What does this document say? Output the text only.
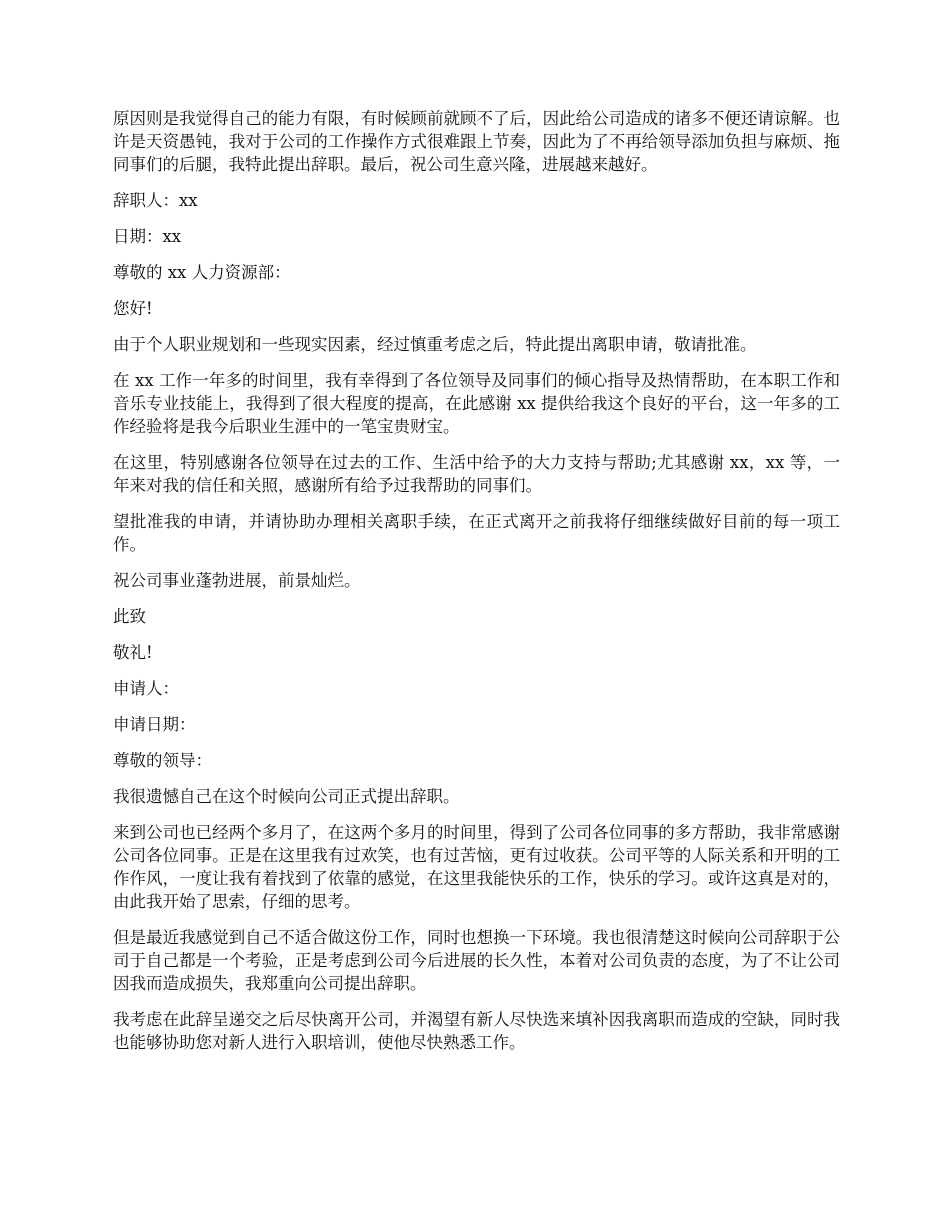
原因则是我觉得自己的能力有限，有时候顾前就顾不了后，因此给公司造成的诸多不便还请谅解。也许是天资愚钝，我对于公司的工作操作方式很难跟上节奏，因此为了不再给领导添加负担与麻烦、拖同事们的后腿，我特此提出辞职。最后，祝公司生意兴隆，进展越来越好。

辞职人：xx

日期：xx

尊敬的 xx 人力资源部：

您好!

由于个人职业规划和一些现实因素，经过慎重考虑之后，特此提出离职申请，敬请批准。

在 xx 工作一年多的时间里，我有幸得到了各位领导及同事们的倾心指导及热情帮助，在本职工作和音乐专业技能上，我得到了很大程度的提高，在此感谢 xx 提供给我这个良好的平台，这一年多的工作经验将是我今后职业生涯中的一笔宝贵财宝。

在这里，特别感谢各位领导在过去的工作、生活中给予的大力支持与帮助;尤其感谢 xx，xx 等，一年来对我的信任和关照，感谢所有给予过我帮助的同事们。

望批准我的申请，并请协助办理相关离职手续，在正式离开之前我将仔细继续做好目前的每一项工作。

祝公司事业蓬勃进展，前景灿烂。

此致

敬礼!

申请人：

申请日期：

尊敬的领导：

我很遗憾自己在这个时候向公司正式提出辞职。

来到公司也已经两个多月了，在这两个多月的时间里，得到了公司各位同事的多方帮助，我非常感谢公司各位同事。正是在这里我有过欢笑，也有过苦恼，更有过收获。公司平等的人际关系和开明的工作作风，一度让我有着找到了依靠的感觉，在这里我能快乐的工作，快乐的学习。或许这真是对的，由此我开始了思索，仔细的思考。

但是最近我感觉到自己不适合做这份工作，同时也想换一下环境。我也很清楚这时候向公司辞职于公司于自己都是一个考验，正是考虑到公司今后进展的长久性，本着对公司负责的态度，为了不让公司因我而造成损失，我郑重向公司提出辞职。

我考虑在此辞呈递交之后尽快离开公司，并渴望有新人尽快选来填补因我离职而造成的空缺，同时我也能够协助您对新人进行入职培训，使他尽快熟悉工作。
